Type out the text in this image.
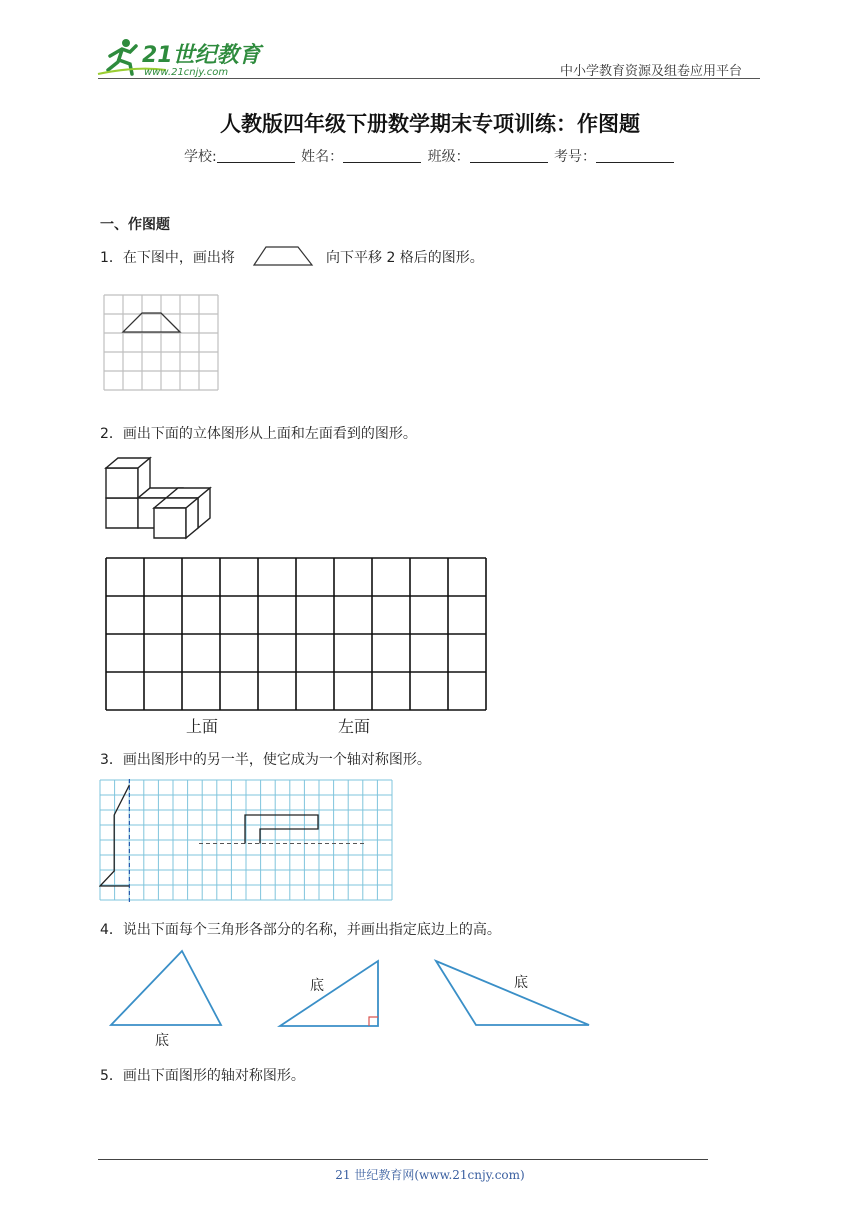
21世纪教育
www.21cnjy.com	中小学教育资源及组卷应用平台
人教版四年级下册数学期末专项训练：作图题
学校:	姓名：	班级：	考号：
一、作图题
1．在下图中，画出将	向下平移 2 格后的图形。
2．画出下面的立体图形从上面和左面看到的图形。
上面	左面
3．画出图形中的另一半，使它成为一个轴对称图形。
4．说出下面每个三角形各部分的名称，并画出指定底边上的高。
底
底	底
5．画出下面图形的轴对称图形。
21 世纪教育网(www.21cnjy.com)
